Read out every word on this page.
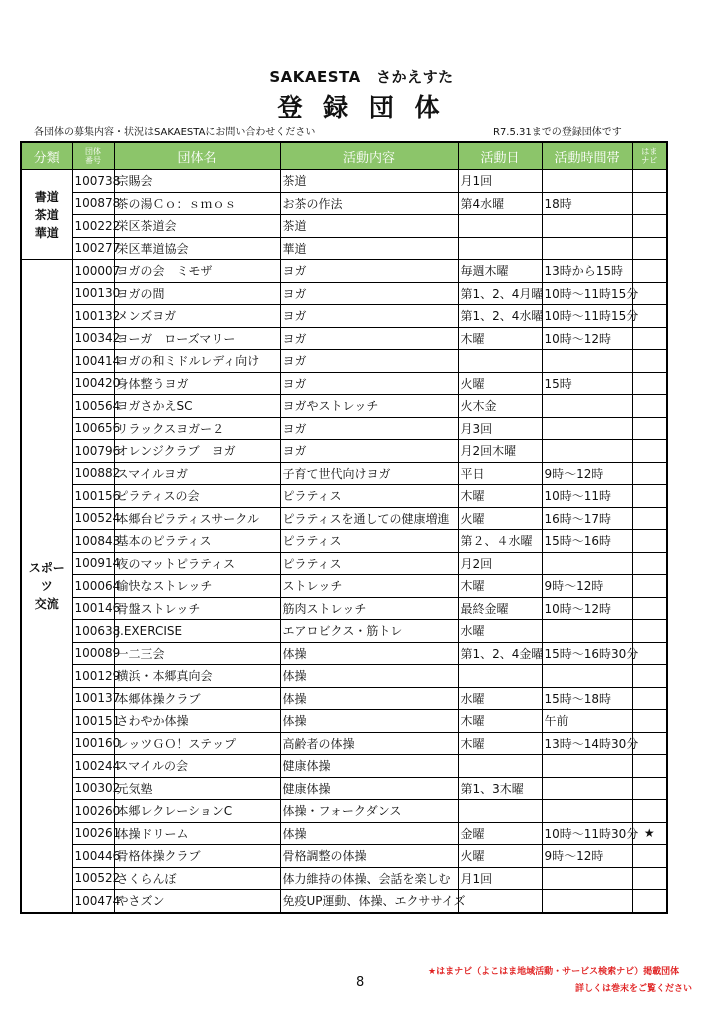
SAKAESTA　さかえすた
登 録 団 体
各団体の募集内容・状況はSAKAESTAにお問い合わせください	R7.5.31までの登録団体です
分類	団体
番号	団体名	活動内容	活動日	活動時間帯	はま
ナビ
書道
茶道
華道	100738	宗賜会	茶道	月1回		
	100878	茶の湯Ｃｏ：ｓｍｏｓ	お茶の作法	第4水曜	18時	
	100222	栄区茶道会	茶道			
	100277	栄区華道協会	華道			
スポーツ
交流	100007	ヨガの会　ミモザ	ヨガ	毎週木曜	13時から15時	
	100130	ヨガの間	ヨガ	第1、2、4月曜	10時～11時15分	
	100132	メンズヨガ	ヨガ	第1、2、4水曜	10時～11時15分	
	100342	ヨーガ　ローズマリー	ヨガ	木曜	10時～12時	
	100414	ヨガの和ミドルレディ向け	ヨガ			
	100420	身体整うヨガ	ヨガ	火曜	15時	
	100564	ヨガさかえSC	ヨガやストレッチ	火木金		
	100656	リラックスヨガー２	ヨガ	月3回		
	100796	オレンジクラブ　ヨガ	ヨガ	月2回木曜		
	100882	スマイルヨガ	子育て世代向けヨガ	平日	9時～12時	
	100156	ピラティスの会	ピラティス	木曜	10時～11時	
	100524	本郷台ピラティスサークル	ピラティスを通しての健康増進	火曜	16時～17時	
	100843	基本のピラティス	ピラティス	第２、４水曜	15時～16時	
	100914	夜のマットピラティス	ピラティス	月2回		
	100064	愉快なストレッチ	ストレッチ	木曜	9時～12時	
	100146	骨盤ストレッチ	筋肉ストレッチ	最終金曜	10時～12時	
	100638	J.EXERCISE	エアロビクス・筋トレ	水曜		
	100089	一二三会	体操	第1、2、4金曜	15時～16時30分	
	100129	横浜・本郷真向会	体操			
	100137	本郷体操クラブ	体操	水曜	15時～18時	
	100151	さわやか体操	体操	木曜	午前	
	100160	レッツＧＯ！ステップ	高齢者の体操	木曜	13時～14時30分	
	100244	スマイルの会	健康体操			
	100302	元気塾	健康体操	第1、3木曜		
	100260	本郷レクレーションC	体操・フォークダンス			
	100261	体操ドリーム	体操	金曜	10時～11時30分	★
	100446	骨格体操クラブ	骨格調整の体操	火曜	9時～12時	
	100522	さくらんぼ	体力維持の体操、会話を楽しむ	月1回		
	100474	やさズン	免疫UP運動、体操、エクササイズ			
★はまナビ（よこはま地域活動・サービス検索ナビ）掲載団体
8	詳しくは巻末をご覧ください
